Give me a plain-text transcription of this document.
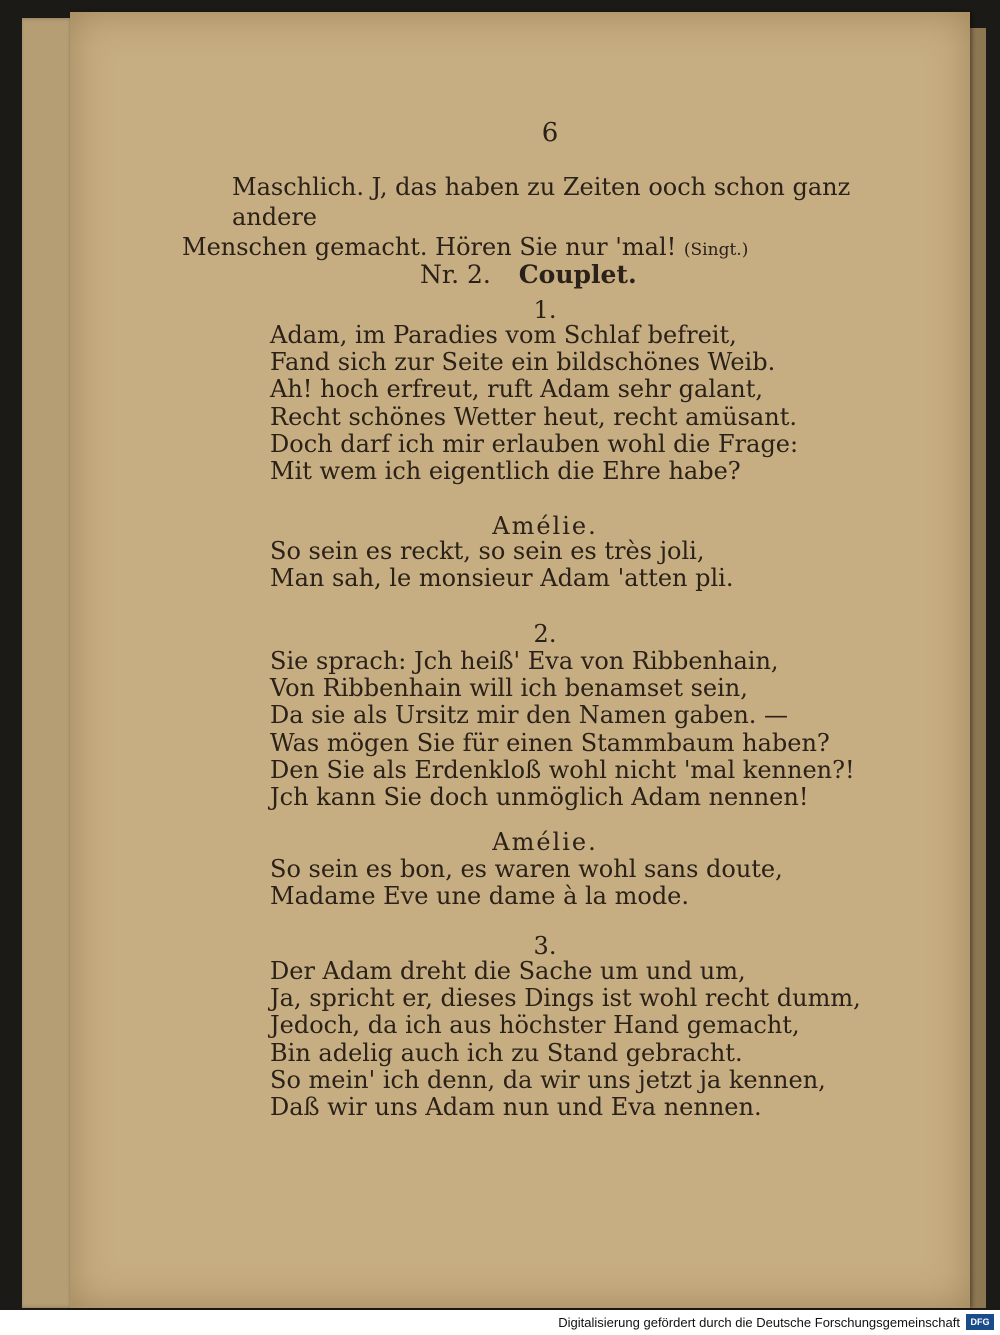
6
Maschlich. J, das haben zu Zeiten ooch schon ganz andere
Menschen gemacht. Hören Sie nur 'mal! (Singt.)
Nr. 2. Couplet.
1.
Adam, im Paradies vom Schlaf befreit,
Fand sich zur Seite ein bildschönes Weib.
Ah! hoch erfreut, ruft Adam sehr galant,
Recht schönes Wetter heut, recht amüsant.
Doch darf ich mir erlauben wohl die Frage:
Mit wem ich eigentlich die Ehre habe?
Amélie.
So sein es reckt, so sein es très joli,
Man sah, le monsieur Adam 'atten pli.
2.
Sie sprach: Jch heiß' Eva von Ribbenhain,
Von Ribbenhain will ich benamset sein,
Da sie als Ursitz mir den Namen gaben. —
Was mögen Sie für einen Stammbaum haben?
Den Sie als Erdenkloß wohl nicht 'mal kennen?!
Jch kann Sie doch unmöglich Adam nennen!
Amélie.
So sein es bon, es waren wohl sans doute,
Madame Eve une dame à la mode.
3.
Der Adam dreht die Sache um und um,
Ja, spricht er, dieses Dings ist wohl recht dumm,
Jedoch, da ich aus höchster Hand gemacht,
Bin adelig auch ich zu Stand gebracht.
So mein' ich denn, da wir uns jetzt ja kennen,
Daß wir uns Adam nun und Eva nennen.
Digitalisierung gefördert durch die Deutsche Forschungsgemeinschaft	DFG
